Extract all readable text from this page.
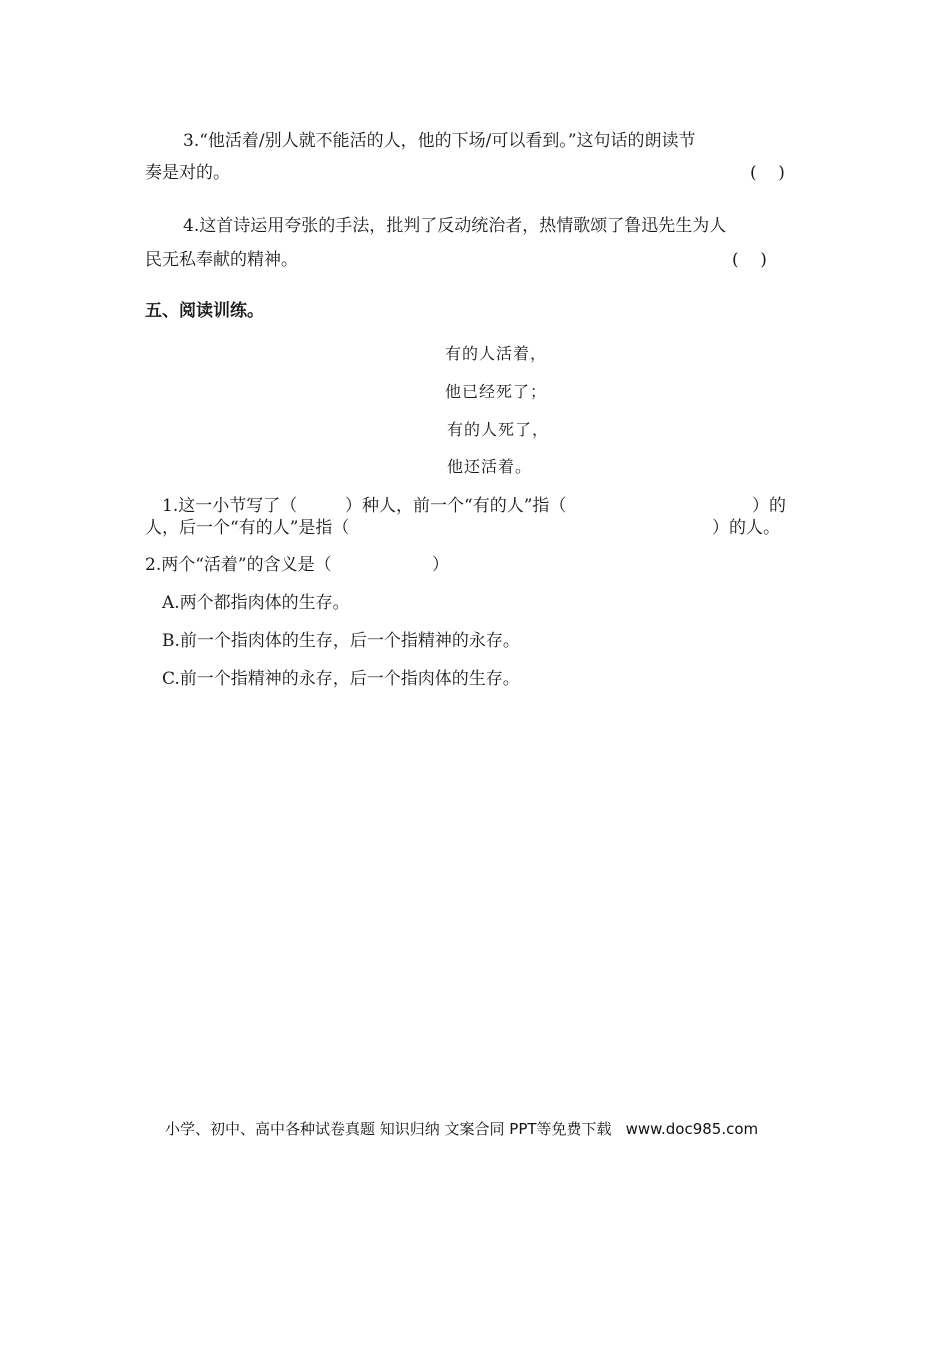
3.“他活着/别人就不能活的人，他的下场/可以看到。”这句话的朗读节
奏是对的。	(    )
4.这首诗运用夸张的手法，批判了反动统治者，热情歌颂了鲁迅先生为人
民无私奉献的精神。	(    )
五、阅读训练。
有的人活着，
他已经死了；
有的人死了，
他还活着。
1.这一小节写了（	）种人，前一个“有的人”指（	）的
人，后一个“有的人”是指（	）的人。
2.两个“活着”的含义是（	）
A.两个都指肉体的生存。
B.前一个指肉体的生存，后一个指精神的永存。
C.前一个指精神的永存，后一个指肉体的生存。
小学、初中、高中各种试卷真题 知识归纳 文案合同 PPT等免费下载 www.doc985.com
